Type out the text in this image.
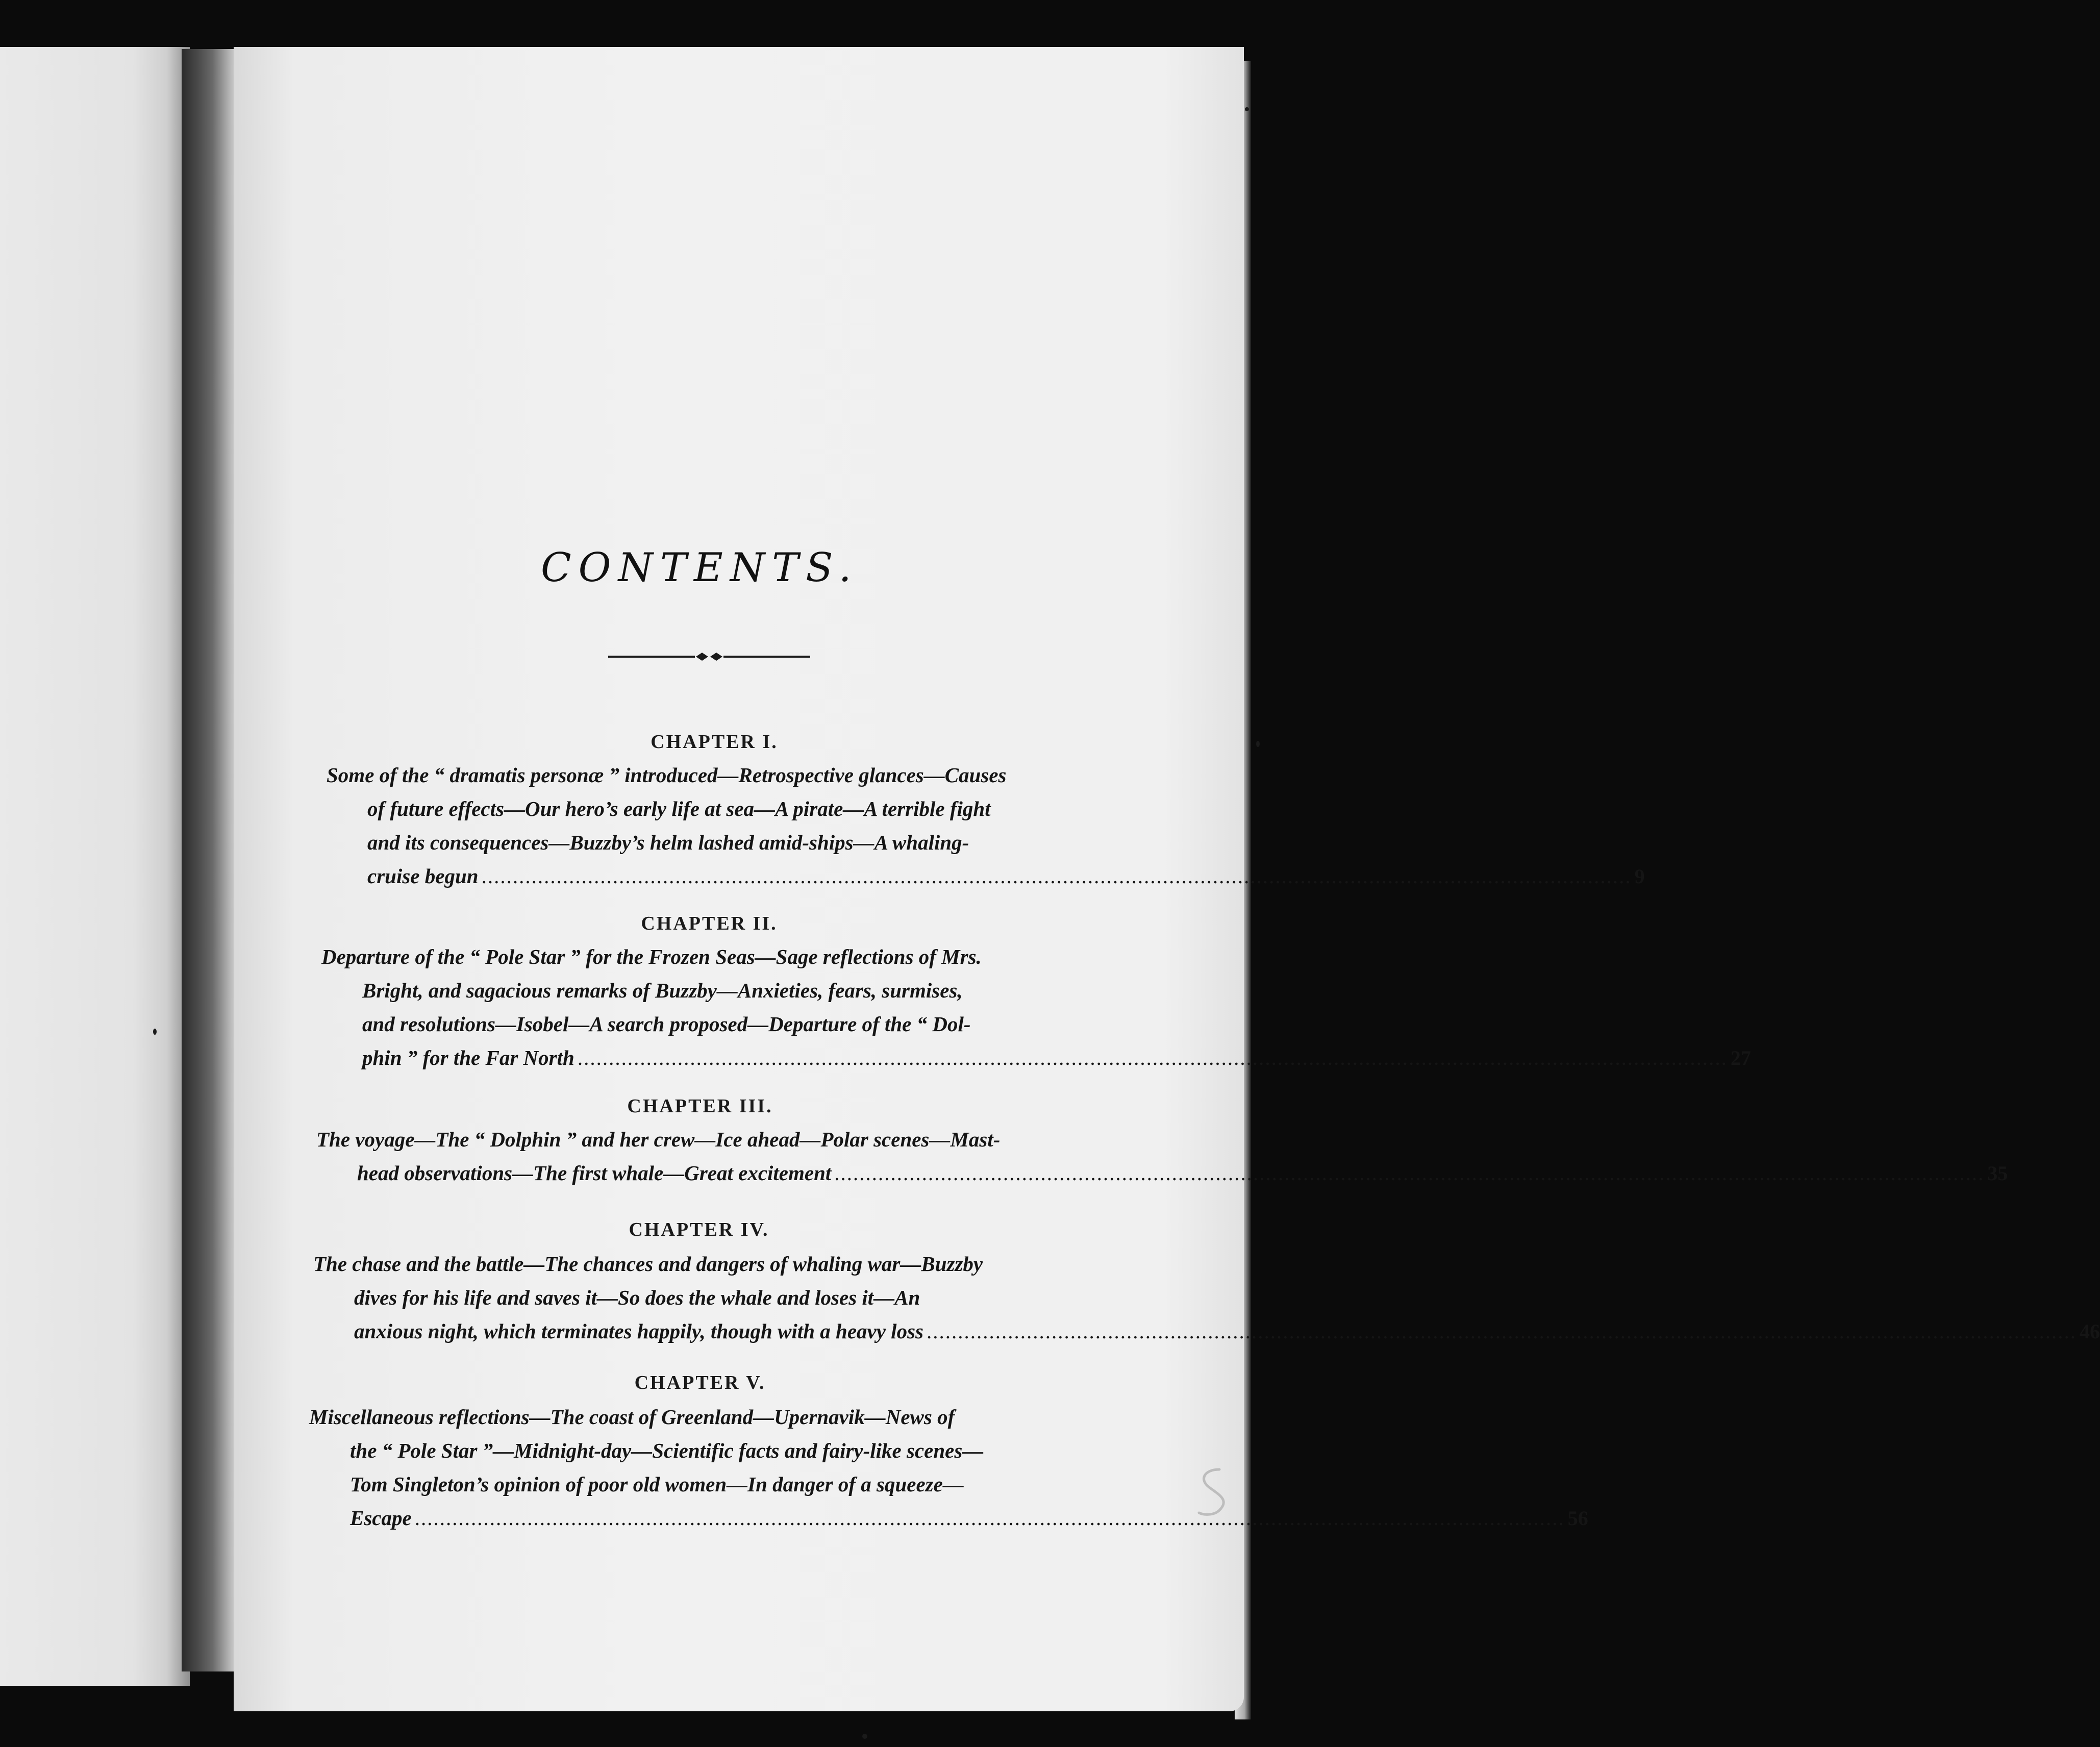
CONTENTS.
CHAPTER I.
Some of the “ dramatis personæ ” introduced—Retrospective glances—Causes
of future effects—Our hero’s early life at sea—A pirate—A terrible fight
and its consequences—Buzzby’s helm lashed amid-ships—A whaling-
cruise begun ........................................................................................................................................................................................ 9
CHAPTER II.
Departure of the “ Pole Star ” for the Frozen Seas—Sage reflections of Mrs.
Bright, and sagacious remarks of Buzzby—Anxieties, fears, surmises,
and resolutions—Isobel—A search proposed—Departure of the “ Dol-
phin ” for the Far North ........................................................................................................................................................................................ 27
CHAPTER III.
The voyage—The “ Dolphin ” and her crew—Ice ahead—Polar scenes—Mast-
head observations—The first whale—Great excitement ........................................................................................................................................................................................ 35
CHAPTER IV.
The chase and the battle—The chances and dangers of whaling war—Buzzby
dives for his life and saves it—So does the whale and loses it—An
anxious night, which terminates happily, though with a heavy loss ........................................................................................................................................................................................ 46
CHAPTER V.
Miscellaneous reflections—The coast of Greenland—Upernavik—News of
the “ Pole Star ”—Midnight-day—Scientific facts and fairy-like scenes—
Tom Singleton’s opinion of poor old women—In danger of a squeeze—
Escape ........................................................................................................................................................................................ 56
